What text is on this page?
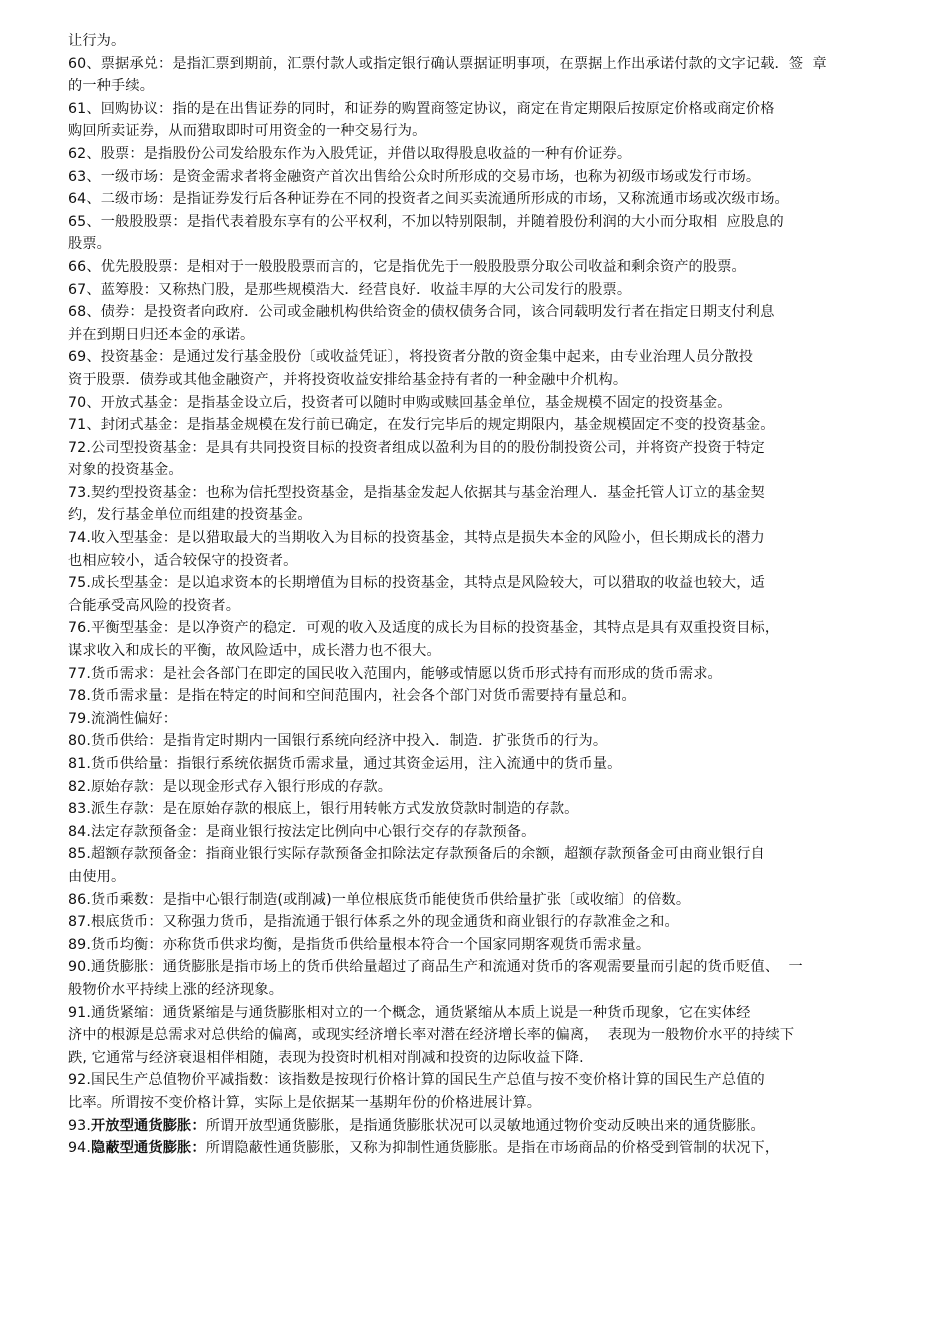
让行为。
60、票据承兑：是指汇票到期前，汇票付款人或指定银行确认票据证明事项，在票据上作出承诺付款的文字记载．签  章
的一种手续。
61、回购协议：指的是在出售证券的同时，和证券的购置商签定协议，商定在肯定期限后按原定价格或商定价格
购回所卖证券，从而猎取即时可用资金的一种交易行为。
62、股票：是指股份公司发给股东作为入股凭证，并借以取得股息收益的一种有价证券。
63、一级市场：是资金需求者将金融资产首次出售给公众时所形成的交易市场，也称为初级市场或发行市场。
64、二级市场：是指证券发行后各种证券在不同的投资者之间买卖流通所形成的市场，又称流通市场或次级市场。
65、一般股股票：是指代表着股东享有的公平权利，不加以特别限制，并随着股份利润的大小而分取相  应股息的
股票。
66、优先股股票：是相对于一般股股票而言的，它是指优先于一般股股票分取公司收益和剩余资产的股票。
67、蓝筹股：又称热门股，是那些规模浩大．经营良好．收益丰厚的大公司发行的股票。
68、债券：是投资者向政府．公司或金融机构供给资金的债权债务合同，该合同载明发行者在指定日期支付利息
并在到期日归还本金的承诺。
69、投资基金：是通过发行基金股份〔或收益凭证〕，将投资者分散的资金集中起来，由专业治理人员分散投
资于股票．债券或其他金融资产，并将投资收益安排给基金持有者的一种金融中介机构。
70、开放式基金：是指基金设立后，投资者可以随时申购或赎回基金单位，基金规模不固定的投资基金。
71、封闭式基金：是指基金规模在发行前已确定，在发行完毕后的规定期限内，基金规模固定不变的投资基金。
72.公司型投资基金：是具有共同投资目标的投资者组成以盈利为目的的股份制投资公司，并将资产投资于特定
对象的投资基金。
73.契约型投资基金：也称为信托型投资基金，是指基金发起人依据其与基金治理人．基金托管人订立的基金契
约，发行基金单位而组建的投资基金。
74.收入型基金：是以猎取最大的当期收入为目标的投资基金，其特点是损失本金的风险小，但长期成长的潜力
也相应较小，适合较保守的投资者。
75.成长型基金：是以追求资本的长期增值为目标的投资基金，其特点是风险较大，可以猎取的收益也较大，适
合能承受高风险的投资者。
76.平衡型基金：是以净资产的稳定．可观的收入及适度的成长为目标的投资基金，其特点是具有双重投资目标，
谋求收入和成长的平衡，故风险适中，成长潜力也不很大。
77.货币需求：是社会各部门在即定的国民收入范围内，能够或情愿以货币形式持有而形成的货币需求。
78.货币需求量：是指在特定的时间和空间范围内，社会各个部门对货币需要持有量总和。
79.流淌性偏好：
80.货币供给：是指肯定时期内一国银行系统向经济中投入．制造．扩张货币的行为。
81.货币供给量：指银行系统依据货币需求量，通过其资金运用，注入流通中的货币量。
82.原始存款：是以现金形式存入银行形成的存款。
83.派生存款：是在原始存款的根底上，银行用转帐方式发放贷款时制造的存款。
84.法定存款预备金：是商业银行按法定比例向中心银行交存的存款预备。
85.超额存款预备金：指商业银行实际存款预备金扣除法定存款预备后的余额，超额存款预备金可由商业银行自
由使用。
86.货币乘数：是指中心银行制造(或削减)一单位根底货币能使货币供给量扩张〔或收缩〕的倍数。
87.根底货币：又称强力货币，是指流通于银行体系之外的现金通货和商业银行的存款准金之和。
89.货币均衡：亦称货币供求均衡，是指货币供给量根本符合一个国家同期客观货币需求量。
90.通货膨胀：通货膨胀是指市场上的货币供给量超过了商品生产和流通对货币的客观需要量而引起的货币贬值、  一
般物价水平持续上涨的经济现象。
91.通货紧缩：通货紧缩是与通货膨胀相对立的一个概念，通货紧缩从本质上说是一种货币现象，它在实体经
济中的根源是总需求对总供给的偏离，或现实经济增长率对潜在经济增长率的偏离，  表现为一般物价水平的持续下
跌, 它通常与经济衰退相伴相随，表现为投资时机相对削减和投资的边际收益下降.
92.国民生产总值物价平减指数：该指数是按现行价格计算的国民生产总值与按不变价格计算的国民生产总值的
比率。所谓按不变价格计算，实际上是依据某一基期年份的价格进展计算。
93.开放型通货膨胀：所谓开放型通货膨胀，是指通货膨胀状况可以灵敏地通过物价变动反映出来的通货膨胀。
94.隐蔽型通货膨胀：所谓隐蔽性通货膨胀，又称为抑制性通货膨胀。是指在市场商品的价格受到管制的状况下，
